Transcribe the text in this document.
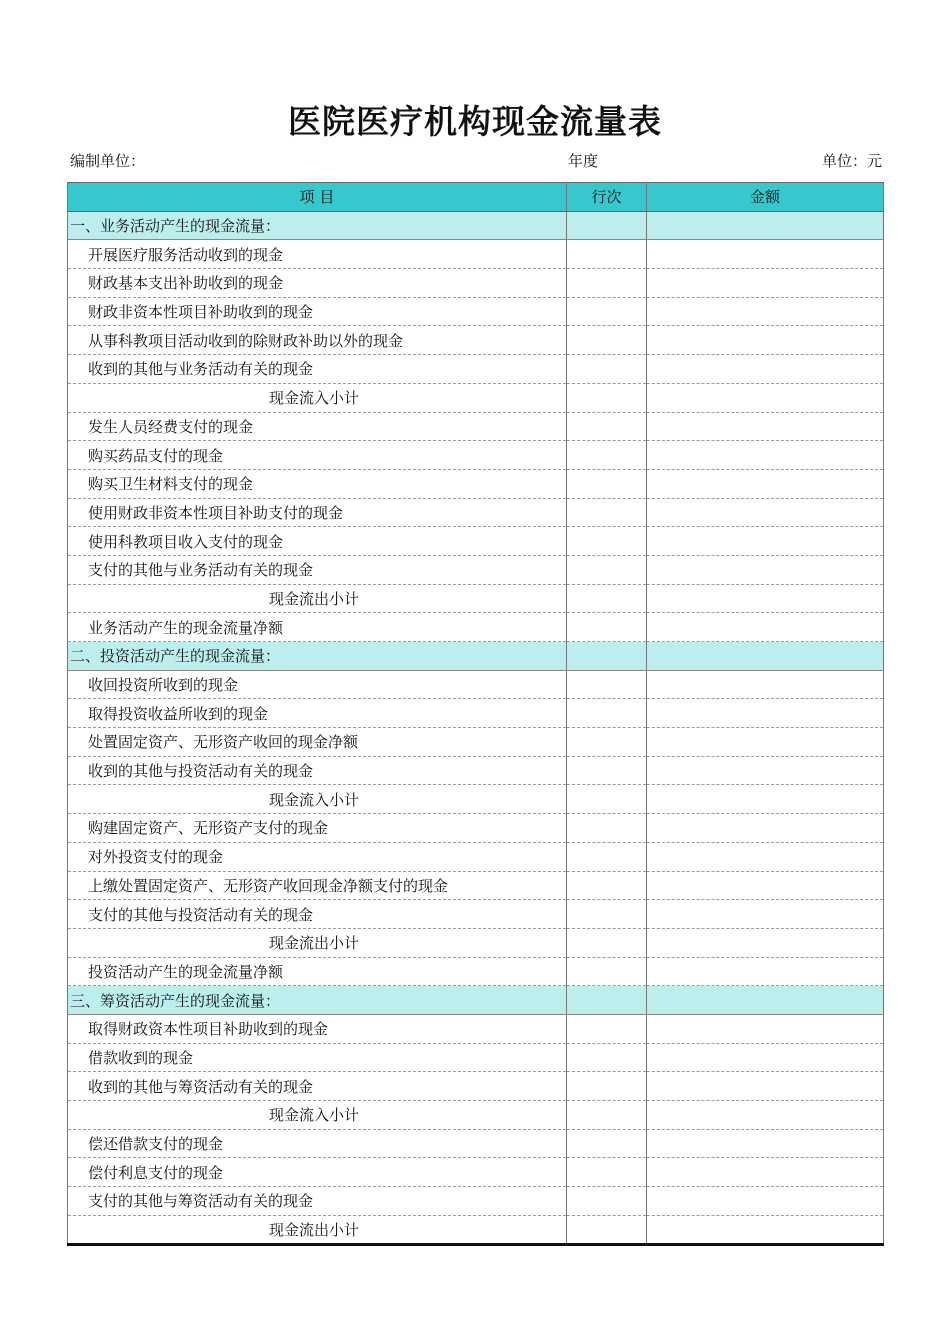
医院医疗机构现金流量表
编制单位：	年度	单位：元
项 目	行次	金额
一、业务活动产生的现金流量：		
开展医疗服务活动收到的现金		
财政基本支出补助收到的现金		
财政非资本性项目补助收到的现金		
从事科教项目活动收到的除财政补助以外的现金		
收到的其他与业务活动有关的现金		
现金流入小计		
发生人员经费支付的现金		
购买药品支付的现金		
购买卫生材料支付的现金		
使用财政非资本性项目补助支付的现金		
使用科教项目收入支付的现金		
支付的其他与业务活动有关的现金		
现金流出小计		
业务活动产生的现金流量净额		
二、投资活动产生的现金流量：		
收回投资所收到的现金		
取得投资收益所收到的现金		
处置固定资产、无形资产收回的现金净额		
收到的其他与投资活动有关的现金		
现金流入小计		
购建固定资产、无形资产支付的现金		
对外投资支付的现金		
上缴处置固定资产、无形资产收回现金净额支付的现金		
支付的其他与投资活动有关的现金		
现金流出小计		
投资活动产生的现金流量净额		
三、筹资活动产生的现金流量：		
取得财政资本性项目补助收到的现金		
借款收到的现金		
收到的其他与筹资活动有关的现金		
现金流入小计		
偿还借款支付的现金		
偿付利息支付的现金		
支付的其他与筹资活动有关的现金		
现金流出小计		
